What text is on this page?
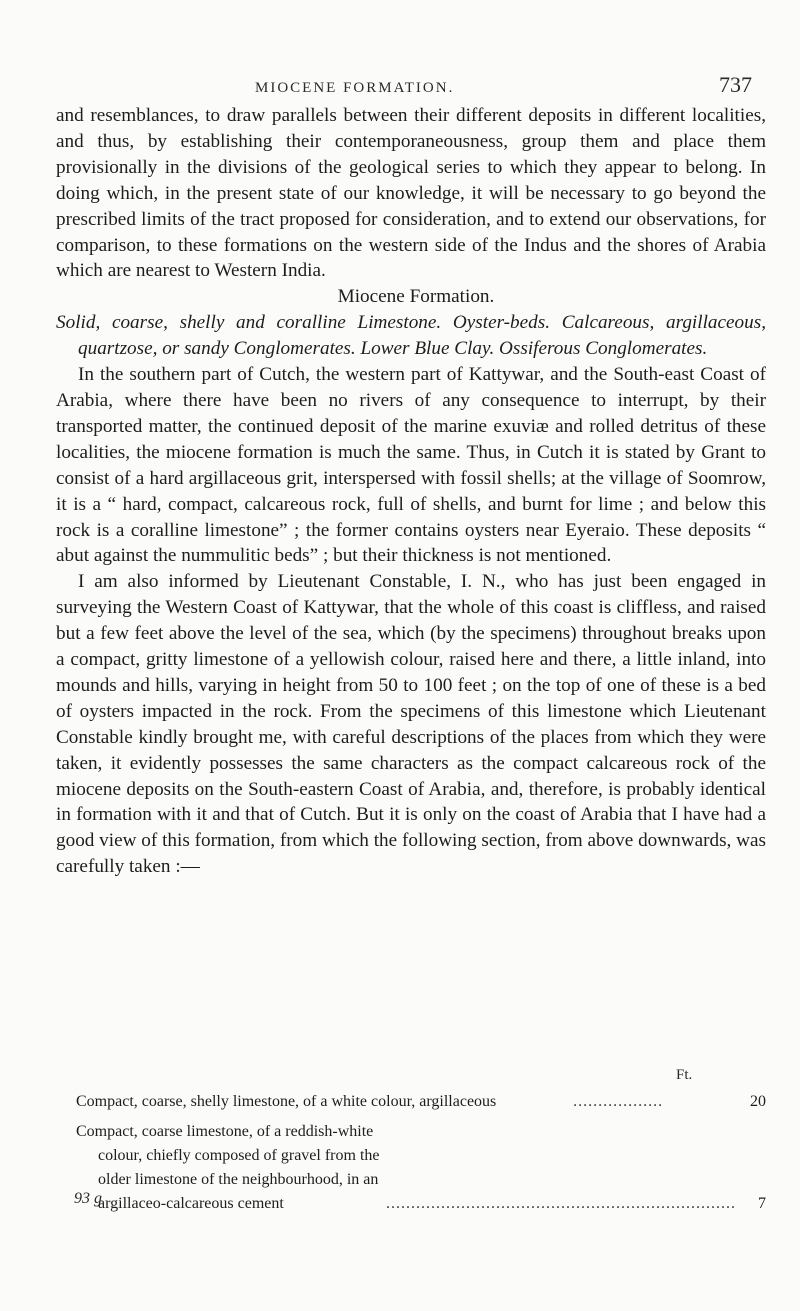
MIOCENE FORMATION.	737

and resemblances, to draw parallels between their different deposits in different localities, and thus, by establishing their contemporaneousness, group them and place them provisionally in the divisions of the geological series to which they appear to belong. In doing which, in the present state of our knowledge, it will be necessary to go beyond the prescribed limits of the tract proposed for consideration, and to extend our observations, for comparison, to these formations on the western side of the Indus and the shores of Arabia which are nearest to Western India.

Miocene Formation.

Solid, coarse, shelly and coralline Limestone. Oyster-beds. Calcareous, argillaceous, quartzose, or sandy Conglomerates. Lower Blue Clay. Ossiferous Conglomerates.

In the southern part of Cutch, the western part of Kattywar, and the South-east Coast of Arabia, where there have been no rivers of any consequence to interrupt, by their transported matter, the continued deposit of the marine exuviæ and rolled detritus of these localities, the miocene formation is much the same. Thus, in Cutch it is stated by Grant to consist of a hard argillaceous grit, interspersed with fossil shells; at the village of Soomrow, it is a “ hard, compact, calcareous rock, full of shells, and burnt for lime ; and below this rock is a coralline limestone” ; the former contains oysters near Eyeraio. These deposits “ abut against the nummulitic beds” ; but their thickness is not mentioned.

I am also informed by Lieutenant Constable, I. N., who has just been engaged in surveying the Western Coast of Kattywar, that the whole of this coast is cliffless, and raised but a few feet above the level of the sea, which (by the specimens) throughout breaks upon a compact, gritty limestone of a yellowish colour, raised here and there, a little inland, into mounds and hills, varying in height from 50 to 100 feet ; on the top of one of these is a bed of oysters impacted in the rock. From the specimens of this limestone which Lieutenant Constable kindly brought me, with careful descriptions of the places from which they were taken, it evidently possesses the same characters as the compact calcareous rock of the miocene deposits on the South-eastern Coast of Arabia, and, therefore, is probably identical in formation with it and that of Cutch. But it is only on the coast of Arabia that I have had a good view of this formation, from which the following section, from above downwards, was carefully taken :—

Ft.
Compact, coarse, shelly limestone, of a white colour, argillaceous	..................	20
Compact, coarse limestone, of a reddish-white colour, chiefly composed of gravel from the older limestone of the neighbourhood, in an argillaceo-calcareous cement	......................................................................	7
93 g
